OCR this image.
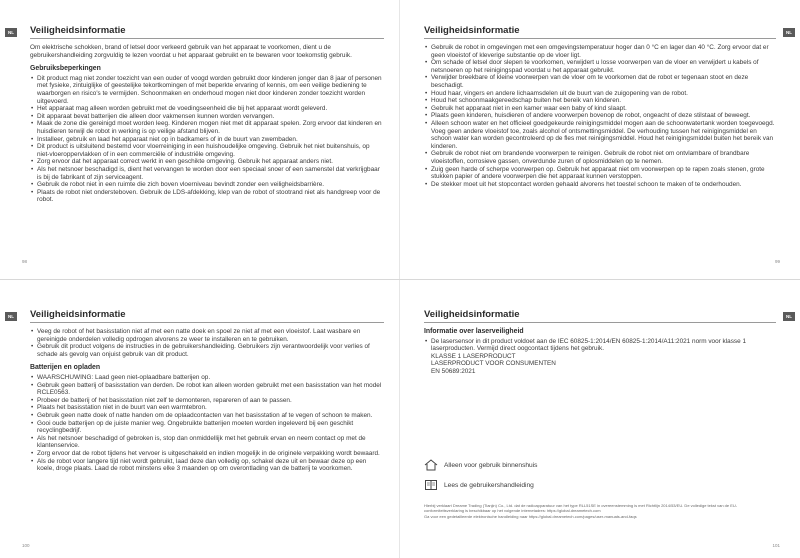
NL	Veiligheidsinformatie

Om elektrische schokken, brand of letsel door verkeerd gebruik van het apparaat te voorkomen, dient u de gebruikershandleiding zorgvuldig te lezen voordat u het apparaat gebruikt en te bewaren voor toekomstig gebruik.

Gebruiksbeperkingen
• Dit product mag niet zonder toezicht van een ouder of voogd worden gebruikt door kinderen jonger dan 8 jaar of personen met fysieke, zintuiglijke of geestelijke tekortkomingen of met beperkte ervaring of kennis, om een veilige bediening te waarborgen en risico's te vermijden. Schoonmaken en onderhoud mogen niet door kinderen zonder toezicht worden uitgevoerd.
• Het apparaat mag alleen worden gebruikt met de voedingseenheid die bij het apparaat wordt geleverd.
• Dit apparaat bevat batterijen die alleen door vakmensen kunnen worden vervangen.
• Maak de zone die gereinigd moet worden leeg. Kinderen mogen niet met dit apparaat spelen. Zorg ervoor dat kinderen en huisdieren terwijl de robot in werking is op veilige afstand blijven.
• Installeer, gebruik en laad het apparaat niet op in badkamers of in de buurt van zwembaden.
• Dit product is uitsluitend bestemd voor vloerreiniging in een huishoudelijke omgeving. Gebruik het niet buitenshuis, op niet-vloeroppervlakken of in een commerciële of industriële omgeving.
• Zorg ervoor dat het apparaat correct werkt in een geschikte omgeving. Gebruik het apparaat anders niet.
• Als het netsnoer beschadigd is, dient het vervangen te worden door een speciaal snoer of een samenstel dat verkrijgbaar is bij de fabrikant of zijn serviceagent.
• Gebruik de robot niet in een ruimte die zich boven vloerniveau bevindt zonder een veiligheidsbarrière.
• Plaats de robot niet ondersteboven. Gebruik de LDS-afdekking, klep van de robot of stootrand niet als handgreep voor de robot.
98
NL
Veiligheidsinformatie
• Gebruik de robot in omgevingen met een omgevingstemperatuur hoger dan 0 °C en lager dan 40 °C. Zorg ervoor dat er geen vloeistof of kleverige substantie op de vloer ligt.
• Om schade of letsel door slepen te voorkomen, verwijdert u losse voorwerpen van de vloer en verwijdert u kabels of netsnoeren op het reinigingspad voordat u het apparaat gebruikt.
• Verwijder breekbare of kleine voorwerpen van de vloer om te voorkomen dat de robot er tegenaan stoot en deze beschadigt.
• Houd haar, vingers en andere lichaamsdelen uit de buurt van de zuigopening van de robot.
• Houd het schoonmaakgereedschap buiten het bereik van kinderen.
• Gebruik het apparaat niet in een kamer waar een baby of kind slaapt.
• Plaats geen kinderen, huisdieren of andere voorwerpen bovenop de robot, ongeacht of deze stilstaat of beweegt.
• Alleen schoon water en het officieel goedgekeurde reinigingsmiddel mogen aan de schoonwatertank worden toegevoegd. Voeg geen andere vloeistof toe, zoals alcohol of ontsmettingsmiddel. De verhouding tussen het reinigingsmiddel en schoon water kan worden gecontroleerd op de fles met reinigingsmiddel. Houd het reinigingsmiddel buiten het bereik van kinderen.
• Gebruik de robot niet om brandende voorwerpen te reinigen. Gebruik de robot niet om ontvlambare of brandbare vloeistoffen, corrosieve gassen, onverdunde zuren of oplosmiddelen op te nemen.
• Zuig geen harde of scherpe voorwerpen op. Gebruik het apparaat niet om voorwerpen op te rapen zoals stenen, grote stukken papier of andere voorwerpen die het apparaat kunnen verstoppen.
• De stekker moet uit het stopcontact worden gehaald alvorens het toestel schoon te maken of te onderhouden.
99
NL	Veiligheidsinformatie
• Veeg de robot of het basisstation niet af met een natte doek en spoel ze niet af met een vloeistof. Laat wasbare en gereinigde onderdelen volledig opdrogen alvorens ze weer te installeren en te gebruiken.
• Gebruik dit product volgens de instructies in de gebruikershandleiding. Gebruikers zijn verantwoordelijk voor verlies of schade als gevolg van onjuist gebruik van dit product.
Batterijen en opladen
• WAARSCHUWING: Laad geen niet-oplaadbare batterijen op.
• Gebruik geen batterij of basisstation van derden. De robot kan alleen worden gebruikt met een basisstation van het model RCLE0563.
• Probeer de batterij of het basisstation niet zelf te demonteren, repareren of aan te passen.
• Plaats het basisstation niet in de buurt van een warmtebron.
• Gebruik geen natte doek of natte handen om de oplaadcontacten van het basisstation af te vegen of schoon te maken.
• Gooi oude batterijen op de juiste manier weg. Ongebruikte batterijen moeten worden ingeleverd bij een geschikt recyclingbedrijf.
• Als het netsnoer beschadigd of gebroken is, stop dan onmiddellijk met het gebruik ervan en neem contact op met de klantenservice.
• Zorg ervoor dat de robot tijdens het vervoer is uitgeschakeld en indien mogelijk in de originele verpakking wordt bewaard.
• Als de robot voor langere tijd niet wordt gebruikt, laad deze dan volledig op, schakel deze uit en bewaar deze op een koele, droge plaats. Laad de robot minstens elke 3 maanden op om overontlading van de batterij te voorkomen.
100
NL
Veiligheidsinformatie
Informatie over laserveiligheid
• De lasersensor in dit product voldoet aan de IEC 60825-1:2014/EN 60825-1:2014/A11:2021 norm voor klasse 1 laserproducten. Vermijd direct oogcontact tijdens het gebruik.
KLASSE 1 LASERPRODUCT
LASERPRODUCT VOOR CONSUMENTEN
EN 50689:2021
Alleen voor gebruik binnenshuis
Lees de gebruikershandleiding
Hierbij verklaart Dreame Trading (Tianjin) Co., Ltd. dat de radioapparatuur van het type RLL51SE in overeenstemming is met Richtlijn 2014/53/EU. De volledige tekst van de EU-conformiteitsverklaring is beschikbaar op het volgende internetadres: https://global.dreametech.com
Ga voor een gedetailleerde elektronische handleiding naar https://global.dreametech.com/pages/user-manuals-and-faqs
101
